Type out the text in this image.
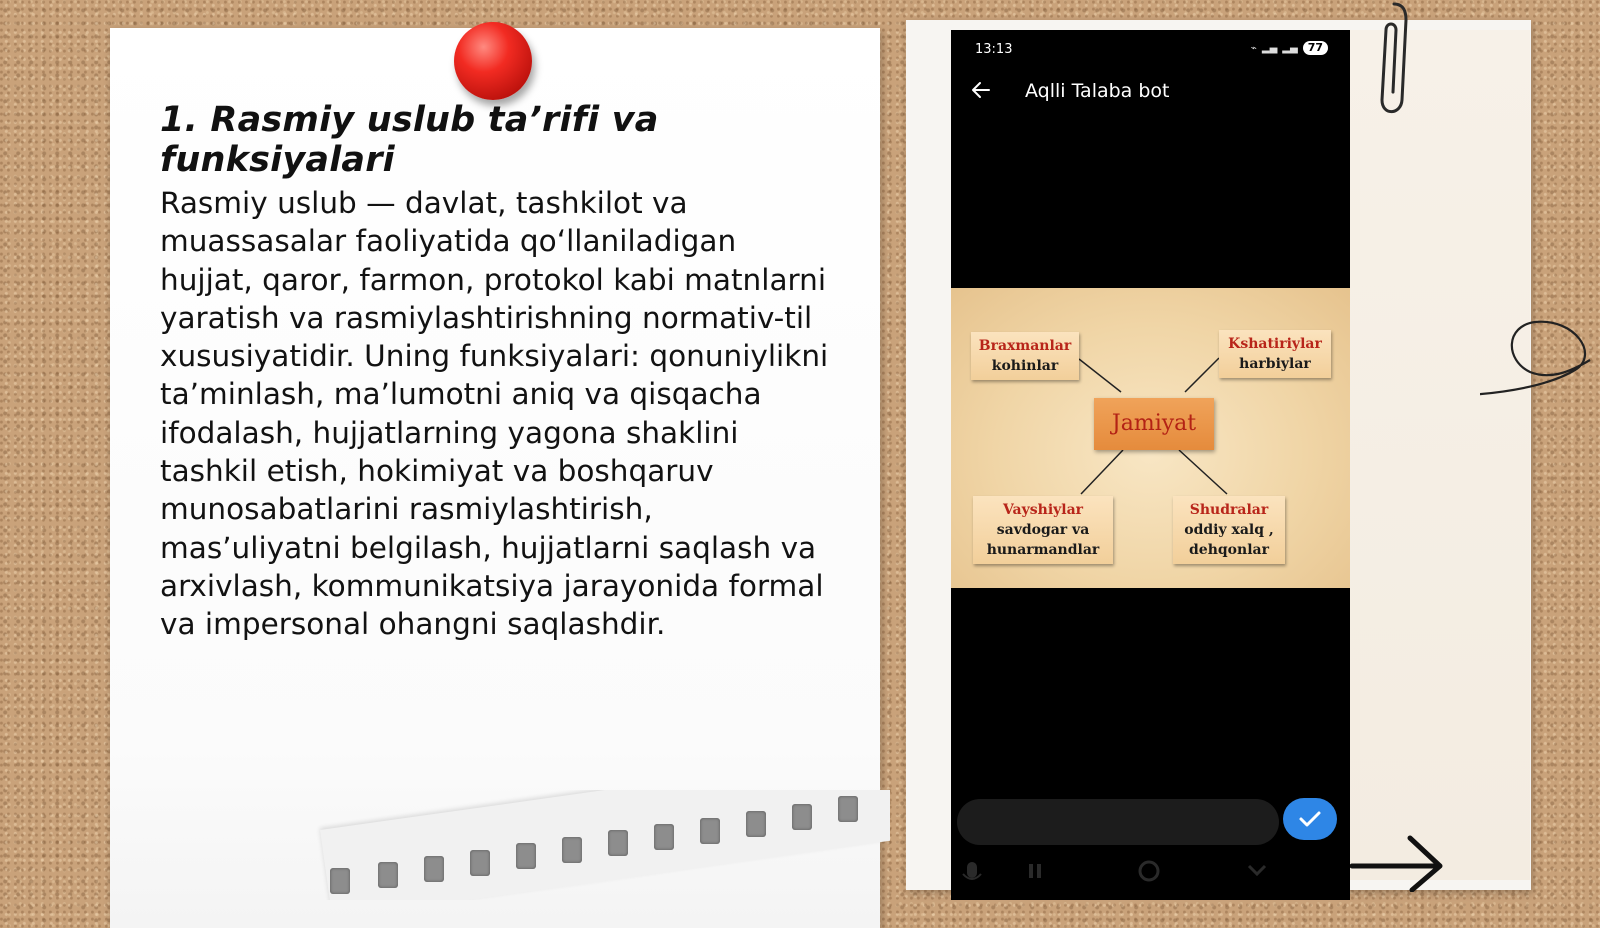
1. Rasmiy uslub ta’rifi va funksiyalari
Rasmiy uslub — davlat, tashkilot va
muassasalar faoliyatida qo‘llaniladigan
hujjat, qaror, farmon, protokol kabi matnlarni
yaratish va rasmiylashtirishning normativ-til
xususiyatidir. Uning funksiyalari: qonuniylikni
ta’minlash, ma’lumotni aniq va qisqacha
ifodalash, hujjatlarning yagona shaklini
tashkil etish, hokimiyat va boshqaruv
munosabatlarini rasmiylashtirish,
mas’uliyatni belgilash, hujjatlarni saqlash va
arxivlash, kommunikatsiya jarayonida formal
va impersonal ohangni saqlashdir.
13:13	⌁ ▂▄ ▂▄ 77
Aqlli Talaba bot
Braxmanlar
kohinlar
Kshatiriylar
harbiylar
Jamiyat
Vayshiylar
savdogar va
hunarmandlar
Shudralar
oddiy xalq ,
dehqonlar
